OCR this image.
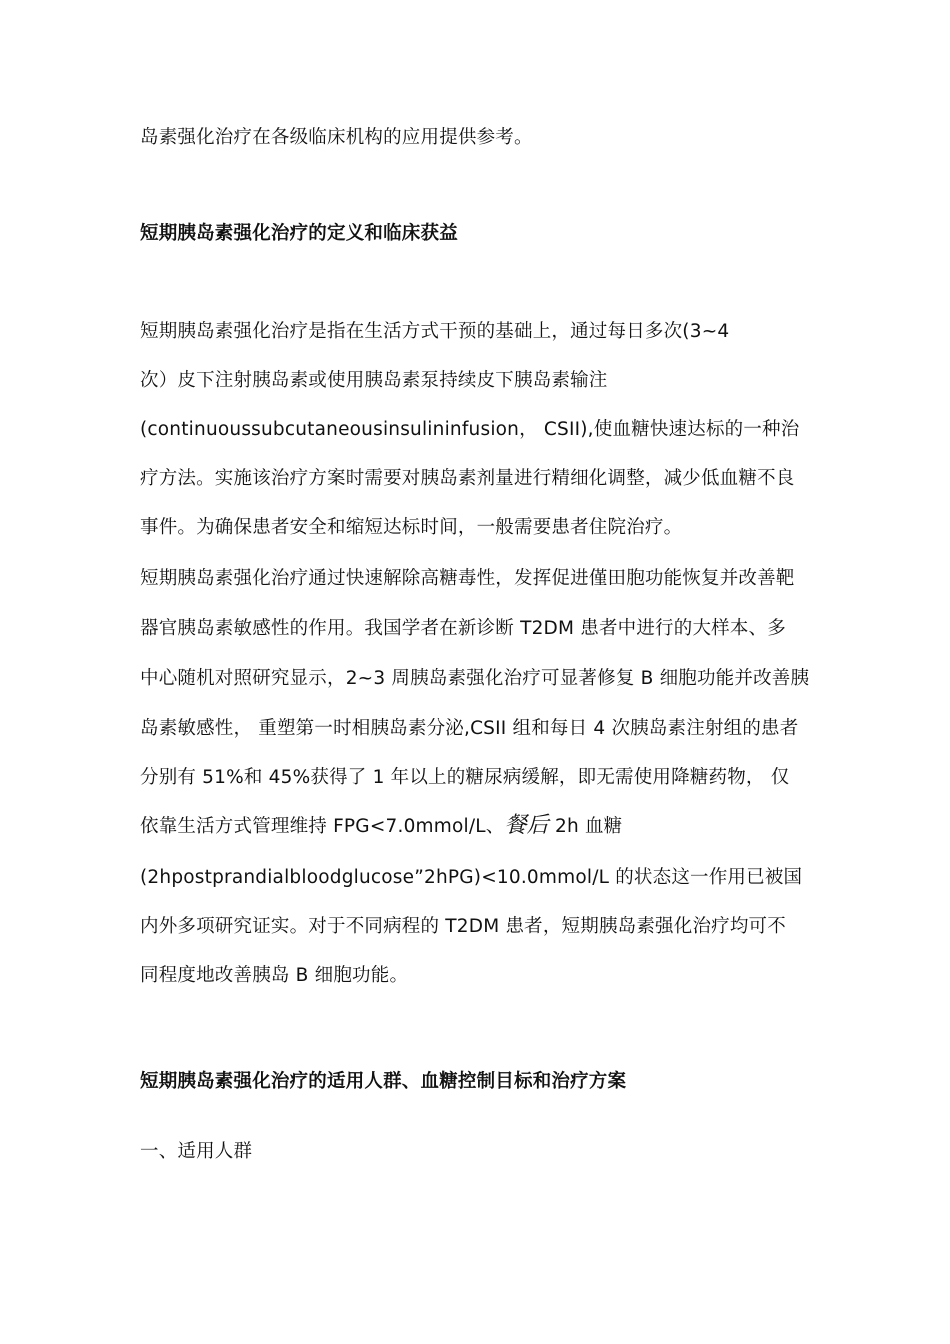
岛素强化治疗在各级临床机构的应用提供参考。
短期胰岛素强化治疗的定义和临床获益
短期胰岛素强化治疗是指在生活方式干预的基础上，通过每日多次(3~4
次）皮下注射胰岛素或使用胰岛素泵持续皮下胰岛素输注
(continuoussubcutaneousinsulininfusion， CSII),使血糖快速达标的一种治
疗方法。实施该治疗方案时需要对胰岛素剂量进行精细化调整，减少低血糖不良
事件。为确保患者安全和缩短达标时间，一般需要患者住院治疗。
短期胰岛素强化治疗通过快速解除高糖毒性，发挥促进僅田胞功能恢复并改善靶
器官胰岛素敏感性的作用。我国学者在新诊断 T2DM 患者中进行的大样本、多
中心随机对照研究显示，2~3 周胰岛素强化治疗可显著修复 B 细胞功能并改善胰
岛素敏感性， 重塑第一时相胰岛素分泌,CSII 组和每日 4 次胰岛素注射组的患者
分别有 51%和 45%获得了 1 年以上的糖尿病缓解，即无需使用降糖药物， 仅
依靠生活方式管理维持 FPG<7.0mmol/L、餐后 2h 血糖
(2hpostprandialbloodglucose”2hPG)<10.0mmol/L 的状态这一作用已被国
内外多项研究证实。对于不同病程的 T2DM 患者，短期胰岛素强化治疗均可不
同程度地改善胰岛 B 细胞功能。
短期胰岛素强化治疗的适用人群、血糖控制目标和治疗方案
一、适用人群
